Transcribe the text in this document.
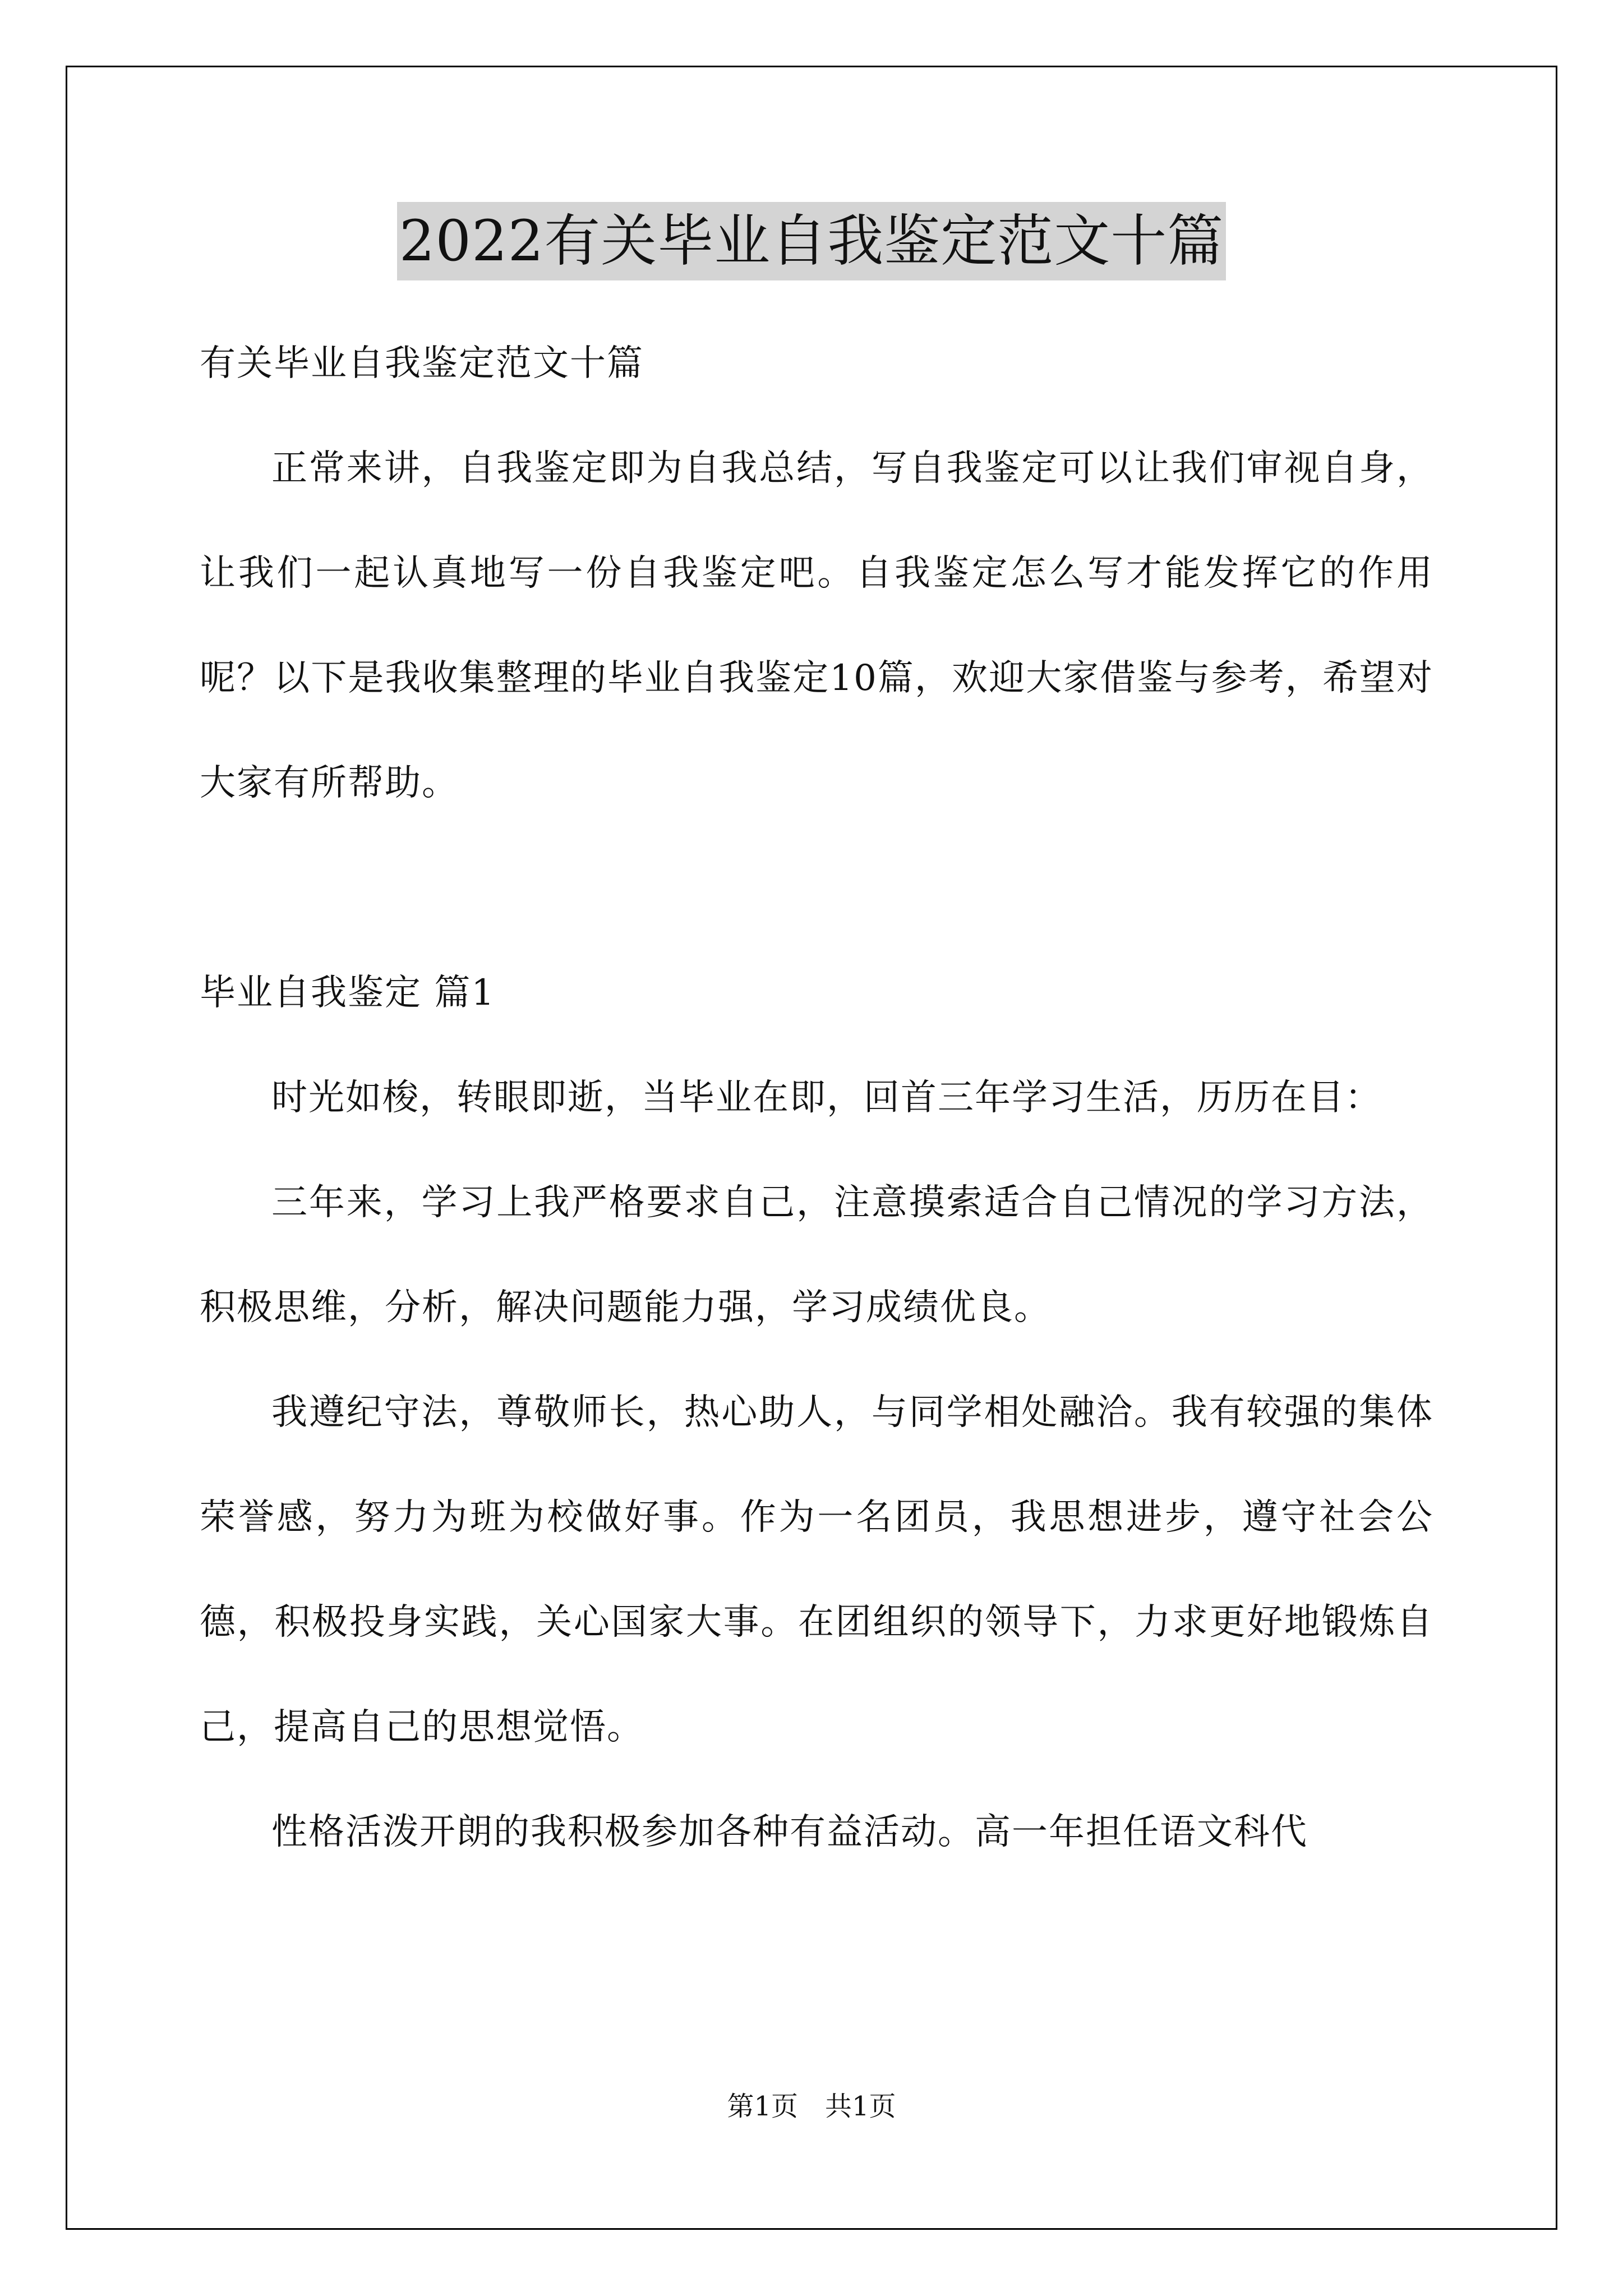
2022有关毕业自我鉴定范文十篇

有关毕业自我鉴定范文十篇

正常来讲，自我鉴定即为自我总结，写自我鉴定可以让我们审视自身，让我们一起认真地写一份自我鉴定吧。自我鉴定怎么写才能发挥它的作用呢？以下是我收集整理的毕业自我鉴定10篇，欢迎大家借鉴与参考，希望对大家有所帮助。

毕业自我鉴定 篇1

时光如梭，转眼即逝，当毕业在即，回首三年学习生活，历历在目：

三年来，学习上我严格要求自己，注意摸索适合自己情况的学习方法，积极思维，分析，解决问题能力强，学习成绩优良。

我遵纪守法，尊敬师长，热心助人，与同学相处融洽。我有较强的集体荣誉感，努力为班为校做好事。作为一名团员，我思想进步，遵守社会公德，积极投身实践，关心国家大事。在团组织的领导下，力求更好地锻炼自己，提高自己的思想觉悟。

性格活泼开朗的我积极参加各种有益活动。高一年担任语文科代

第1页　共1页
